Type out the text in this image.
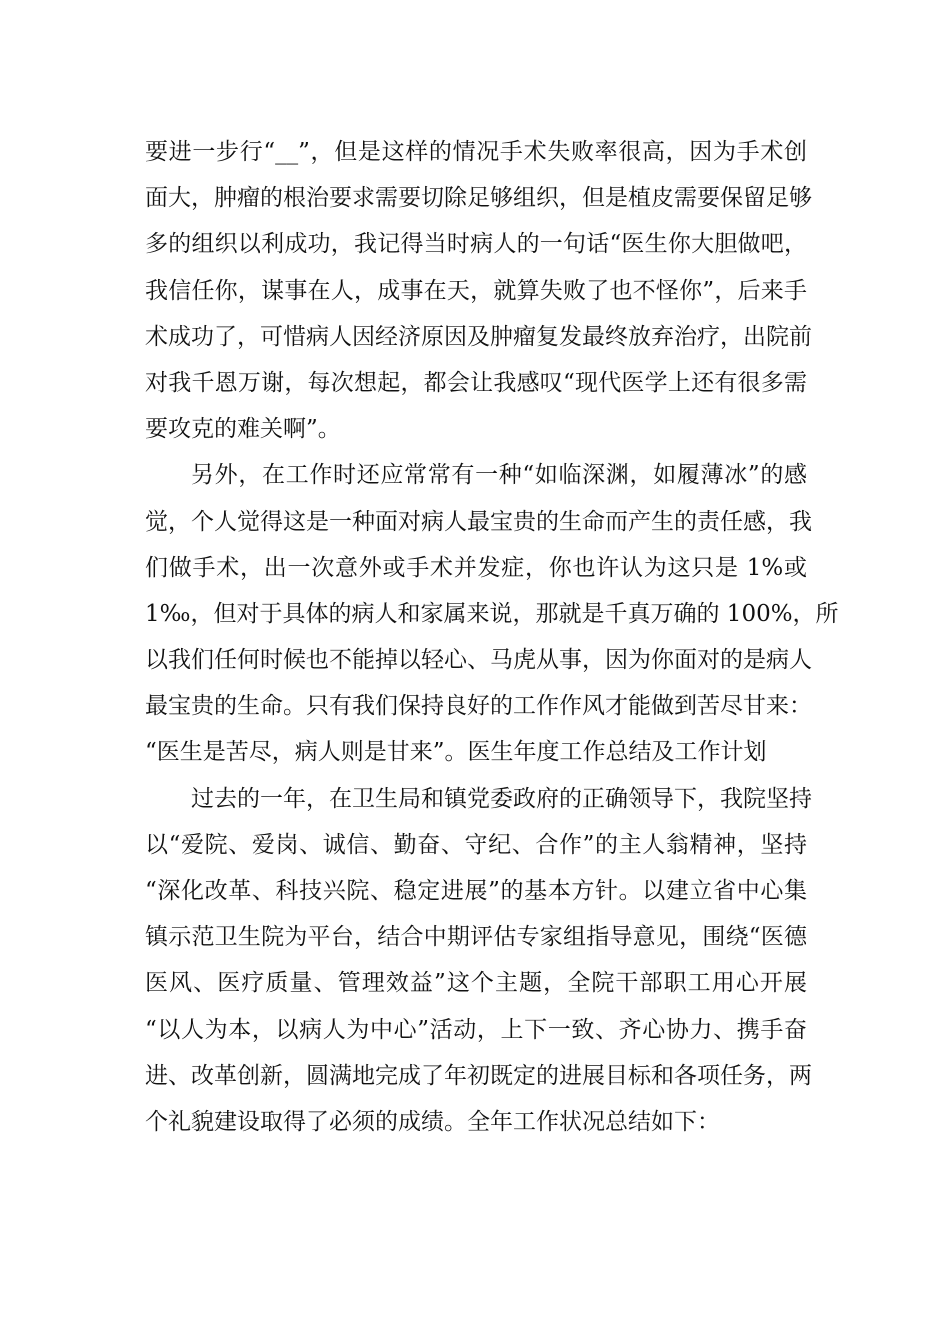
要进一步行“__”，但是这样的情况手术失败率很高，因为手术创
面大，肿瘤的根治要求需要切除足够组织，但是植皮需要保留足够
多的组织以利成功，我记得当时病人的一句话“医生你大胆做吧，
我信任你，谋事在人，成事在天，就算失败了也不怪你”，后来手
术成功了，可惜病人因经济原因及肿瘤复发最终放弃治疗，出院前
对我千恩万谢，每次想起，都会让我感叹“现代医学上还有很多需
要攻克的难关啊”。
另外，在工作时还应常常有一种“如临深渊，如履薄冰”的感
觉，个人觉得这是一种面对病人最宝贵的生命而产生的责任感，我
们做手术，出一次意外或手术并发症，你也许认为这只是 1%或
1‰，但对于具体的病人和家属来说，那就是千真万确的 100%，所
以我们任何时候也不能掉以轻心、马虎从事，因为你面对的是病人
最宝贵的生命。只有我们保持良好的工作作风才能做到苦尽甘来：
“医生是苦尽，病人则是甘来”。医生年度工作总结及工作计划
过去的一年，在卫生局和镇党委政府的正确领导下，我院坚持
以“爱院、爱岗、诚信、勤奋、守纪、合作”的主人翁精神，坚持
“深化改革、科技兴院、稳定进展”的基本方针。以建立省中心集
镇示范卫生院为平台，结合中期评估专家组指导意见，围绕“医德
医风、医疗质量、管理效益”这个主题，全院干部职工用心开展
“以人为本，以病人为中心”活动，上下一致、齐心协力、携手奋
进、改革创新，圆满地完成了年初既定的进展目标和各项任务，两
个礼貌建设取得了必须的成绩。全年工作状况总结如下：
